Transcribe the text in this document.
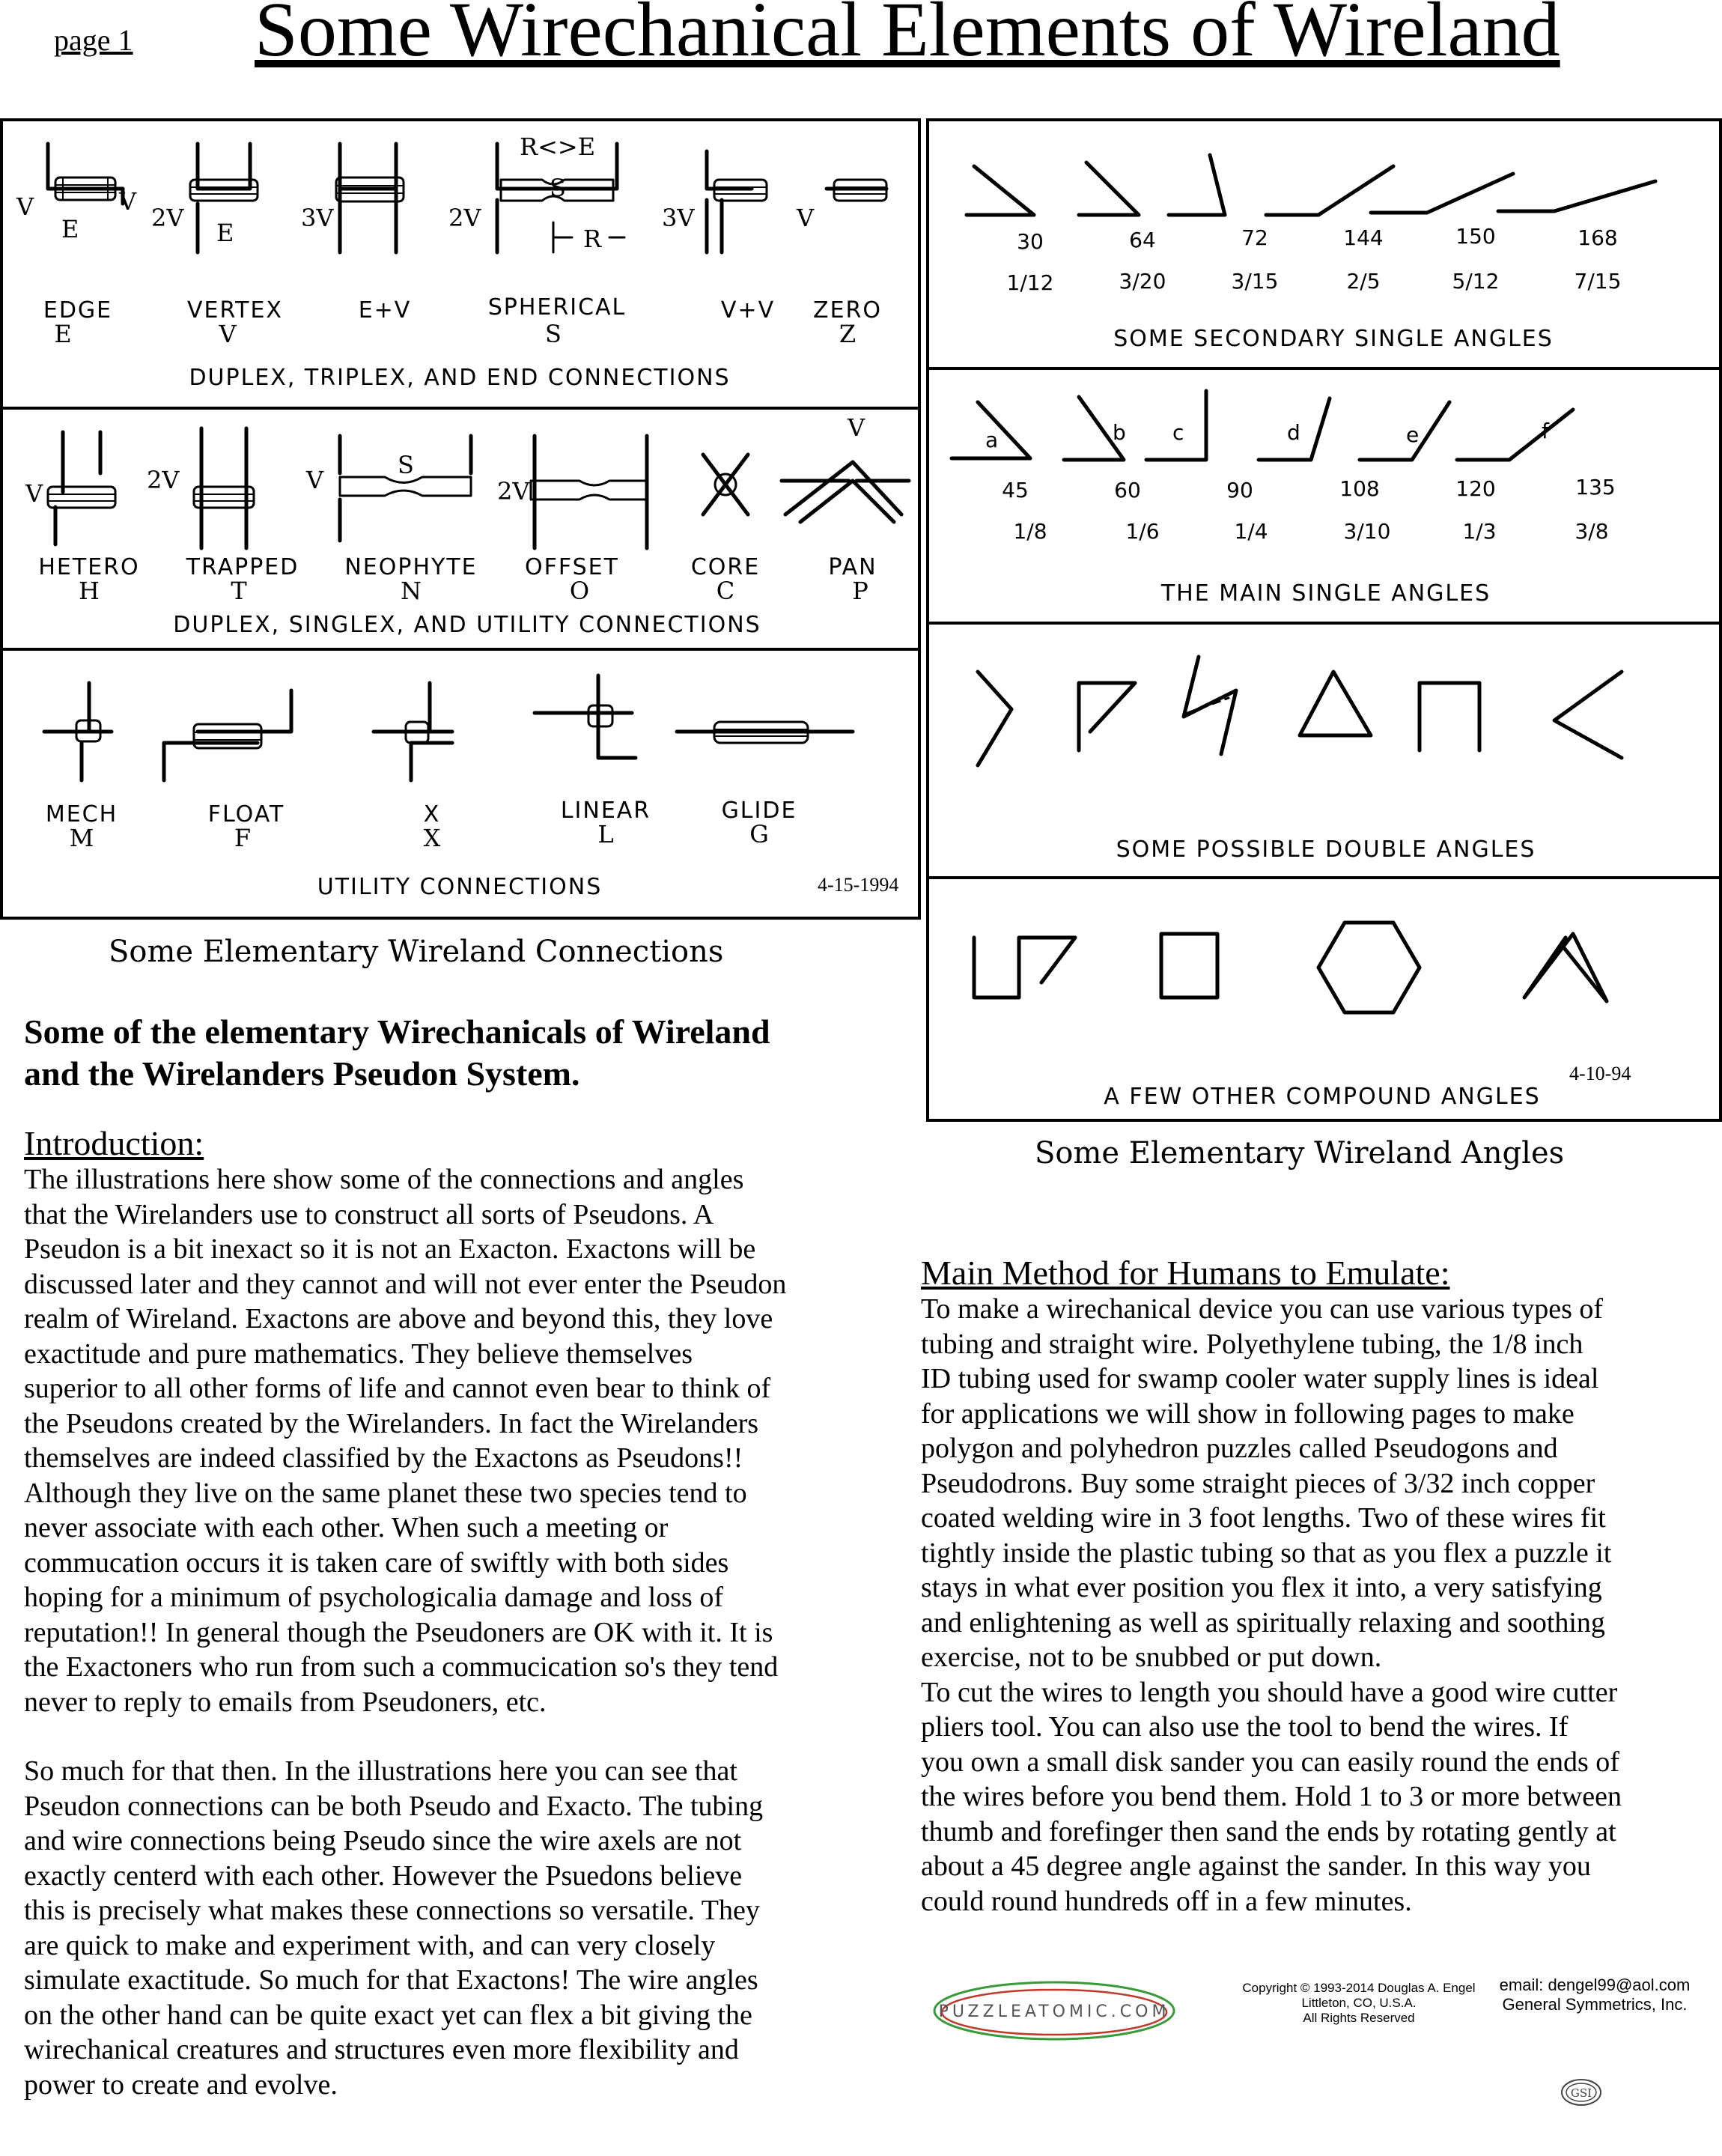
page 1 Some Wirechanical Elements of Wireland
V	V
E	2V
E
3V	2V
R<>E
S
R
3V	V
EDGE
E
VERTEX
V
E+V	SPHERICAL
S
V+V ZERO
Z
DUPLEX, TRIPLEX, AND END CONNECTIONS
V	2V	V
S
2V
V
HETERO
H
TRAPPED
T
NEOPHYTE
N
OFFSET
O
CORE
C
PAN
P
DUPLEX, SINGLEX, AND UTILITY CONNECTIONS
MECH
M
FLOAT
F
X
X
LINEAR
L
GLIDE
G
UTILITY CONNECTIONS	4-15-1994
Some Elementary Wireland Connections
30	64	72	144	150	168
1/12	3/20	3/15	2/5	5/12	7/15
SOME SECONDARY SINGLE ANGLES
a	b c	d	e	f
45	60	90	108	120	135
1/8	1/6	1/4	3/10	1/3	3/8
THE MAIN SINGLE ANGLES
SOME POSSIBLE DOUBLE ANGLES
4-10-94
A FEW OTHER COMPOUND ANGLES
Some Elementary Wireland Angles
Some of the elementary Wirechanicals of Wireland
and the Wirelanders Pseudon System.
Introduction:
The illustrations here show some of the connections and angles
that the Wirelanders use to construct all sorts of Pseudons. A
Pseudon is a bit inexact so it is not an Exacton. Exactons will be
discussed later and they cannot and will not ever enter the Pseudon
realm of Wireland. Exactons are above and beyond this, they love
exactitude and pure mathematics. They believe themselves
superior to all other forms of life and cannot even bear to think of
the Pseudons created by the Wirelanders. In fact the Wirelanders
themselves are indeed classified by the Exactons as Pseudons!!
Although they live on the same planet these two species tend to
never associate with each other. When such a meeting or
commucation occurs it is taken care of swiftly with both sides
hoping for a minimum of psychologicalia damage and loss of
reputation!! In general though the Pseudoners are OK with it. It is
the Exactoners who run from such a commucication so's they tend
never to reply to emails from Pseudoners, etc.
So much for that then. In the illustrations here you can see that
Pseudon connections can be both Pseudo and Exacto. The tubing
and wire connections being Pseudo since the wire axels are not
exactly centerd with each other. However the Psuedons believe
this is precisely what makes these connections so versatile. They
are quick to make and experiment with, and can very closely
simulate exactitude. So much for that Exactons! The wire angles
on the other hand can be quite exact yet can flex a bit giving the
wirechanical creatures and structures even more flexibility and
power to create and evolve.
Main Method for Humans to Emulate:
To make a wirechanical device you can use various types of
tubing and straight wire. Polyethylene tubing, the 1/8 inch
ID tubing used for swamp cooler water supply lines is ideal
for applications we will show in following pages to make
polygon and polyhedron puzzles called Pseudogons and
Pseudodrons. Buy some straight pieces of 3/32 inch copper
coated welding wire in 3 foot lengths. Two of these wires fit
tightly inside the plastic tubing so that as you flex a puzzle it
stays in what ever position you flex it into, a very satisfying
and enlightening as well as spiritually relaxing and soothing
exercise, not to be snubbed or put down.
To cut the wires to length you should have a good wire cutter
pliers tool. You can also use the tool to bend the wires. If
you own a small disk sander you can easily round the ends of
the wires before you bend them. Hold 1 to 3 or more between
thumb and forefinger then sand the ends by rotating gently at
about a 45 degree angle against the sander. In this way you
could round hundreds off in a few minutes.
PUZZLEATOMIC.COM
Copyright © 1993-2014 Douglas A. Engel
Littleton, CO, U.S.A.
All Rights Reserved
email: dengel99@aol.com
General Symmetrics, Inc.
GSI
